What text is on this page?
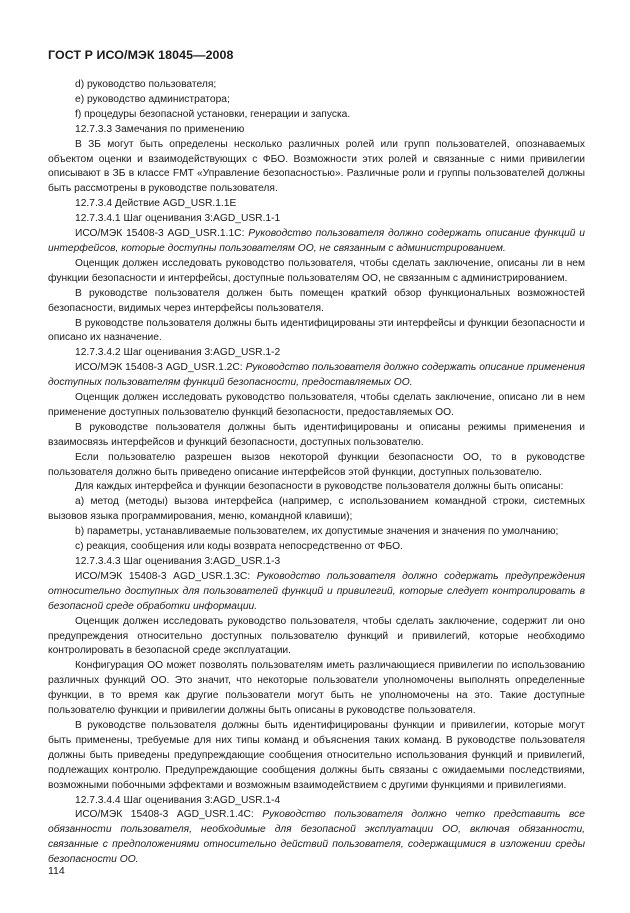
ГОСТ Р ИСО/МЭК 18045—2008

d) руководство пользователя;

e) руководство администратора;

f) процедуры безопасной установки, генерации и запуска.

12.7.3.3 Замечания по применению

В ЗБ могут быть определены несколько различных ролей или групп пользователей, опознаваемых объектом оценки и взаимодействующих с ФБО. Возможности этих ролей и связанные с ними привилегии описывают в ЗБ в классе FMT «Управление безопасностью». Различные роли и группы пользователей должны быть рассмотрены в руководстве пользователя.

12.7.3.4 Действие AGD_USR.1.1E

12.7.3.4.1 Шаг оценивания 3:AGD_USR.1-1

ИСО/МЭК 15408-3 AGD_USR.1.1C: Руководство пользователя должно содержать описание функций и интерфейсов, которые доступны пользователям ОО, не связанным с администрированием.

Оценщик должен исследовать руководство пользователя, чтобы сделать заключение, описаны ли в нем функции безопасности и интерфейсы, доступные пользователям ОО, не связанным с администрированием.

В руководстве пользователя должен быть помещен краткий обзор функциональных возможностей безопасности, видимых через интерфейсы пользователя.

В руководстве пользователя должны быть идентифицированы эти интерфейсы и функции безопасности и описано их назначение.

12.7.3.4.2 Шаг оценивания 3:AGD_USR.1-2

ИСО/МЭК 15408-3 AGD_USR.1.2C: Руководство пользователя должно содержать описание применения доступных пользователям функций безопасности, предоставляемых ОО.

Оценщик должен исследовать руководство пользователя, чтобы сделать заключение, описано ли в нем применение доступных пользователю функций безопасности, предоставляемых ОО.

В руководстве пользователя должны быть идентифицированы и описаны режимы применения и взаимосвязь интерфейсов и функций безопасности, доступных пользователю.

Если пользователю разрешен вызов некоторой функции безопасности ОО, то в руководстве пользователя должно быть приведено описание интерфейсов этой функции, доступных пользователю.

Для каждых интерфейса и функции безопасности в руководстве пользователя должны быть описаны:

a) метод (методы) вызова интерфейса (например, с использованием командной строки, системных вызовов языка программирования, меню, командной клавиши);

b) параметры, устанавливаемые пользователем, их допустимые значения и значения по умолчанию;

c) реакция, сообщения или коды возврата непосредственно от ФБО.

12.7.3.4.3 Шаг оценивания 3:AGD_USR.1-3

ИСО/МЭК 15408-3 AGD_USR.1.3C: Руководство пользователя должно содержать предупреждения относительно доступных для пользователей функций и привилегий, которые следует контролировать в безопасной среде обработки информации.

Оценщик должен исследовать руководство пользователя, чтобы сделать заключение, содержит ли оно предупреждения относительно доступных пользователю функций и привилегий, которые необходимо контролировать в безопасной среде эксплуатации.

Конфигурация ОО может позволять пользователям иметь различающиеся привилегии по использованию различных функций ОО. Это значит, что некоторые пользователи уполномочены выполнять определенные функции, в то время как другие пользователи могут быть не уполномочены на это. Такие доступные пользователю функции и привилегии должны быть описаны в руководстве пользователя.

В руководстве пользователя должны быть идентифицированы функции и привилегии, которые могут быть применены, требуемые для них типы команд и объяснения таких команд. В руководстве пользователя должны быть приведены предупреждающие сообщения относительно использования функций и привилегий, подлежащих контролю. Предупреждающие сообщения должны быть связаны с ожидаемыми последствиями, возможными побочными эффектами и возможным взаимодействием с другими функциями и привилегиями.

12.7.3.4.4 Шаг оценивания 3:AGD_USR.1-4

ИСО/МЭК 15408-3 AGD_USR.1.4C: Руководство пользователя должно четко представить все обязанности пользователя, необходимые для безопасной эксплуатации ОО, включая обязанности, связанные с предположениями относительно действий пользователя, содержащимися в изложении среды безопасности ОО.

114
